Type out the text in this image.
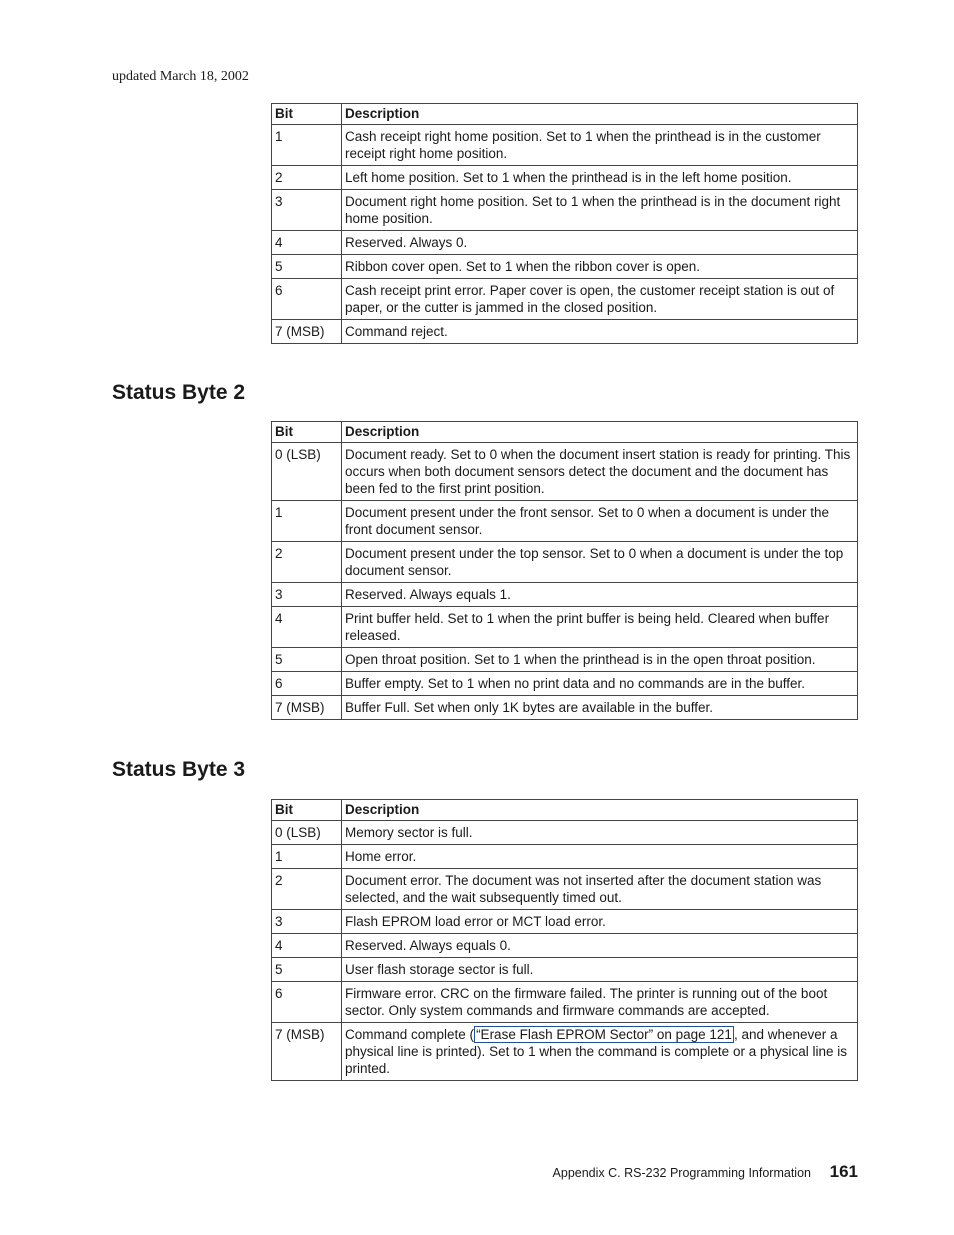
updated March 18, 2002
Bit	Description
1	Cash receipt right home position. Set to 1 when the printhead is in the customer receipt right home position.
2	Left home position. Set to 1 when the printhead is in the left home position.
3	Document right home position. Set to 1 when the printhead is in the document right home position.
4	Reserved. Always 0.
5	Ribbon cover open. Set to 1 when the ribbon cover is open.
6	Cash receipt print error. Paper cover is open, the customer receipt station is out of paper, or the cutter is jammed in the closed position.
7 (MSB)	Command reject.
Status Byte 2
Bit	Description
0 (LSB)	Document ready. Set to 0 when the document insert station is ready for printing. This occurs when both document sensors detect the document and the document has been fed to the first print position.
1	Document present under the front sensor. Set to 0 when a document is under the front document sensor.
2	Document present under the top sensor. Set to 0 when a document is under the top document sensor.
3	Reserved. Always equals 1.
4	Print buffer held. Set to 1 when the print buffer is being held. Cleared when buffer released.
5	Open throat position. Set to 1 when the printhead is in the open throat position.
6	Buffer empty. Set to 1 when no print data and no commands are in the buffer.
7 (MSB)	Buffer Full. Set when only 1K bytes are available in the buffer.
Status Byte 3
Bit	Description
0 (LSB)	Memory sector is full.
1	Home error.
2	Document error. The document was not inserted after the document station was selected, and the wait subsequently timed out.
3	Flash EPROM load error or MCT load error.
4	Reserved. Always equals 0.
5	User flash storage sector is full.
6	Firmware error. CRC on the firmware failed. The printer is running out of the boot sector. Only system commands and firmware commands are accepted.
7 (MSB)	Command complete ( “Erase Flash EPROM Sector” on page 121 , and whenever a physical line is printed). Set to 1 when the command is complete or a physical line is printed.
Appendix C. RS-232 Programming Information 161
